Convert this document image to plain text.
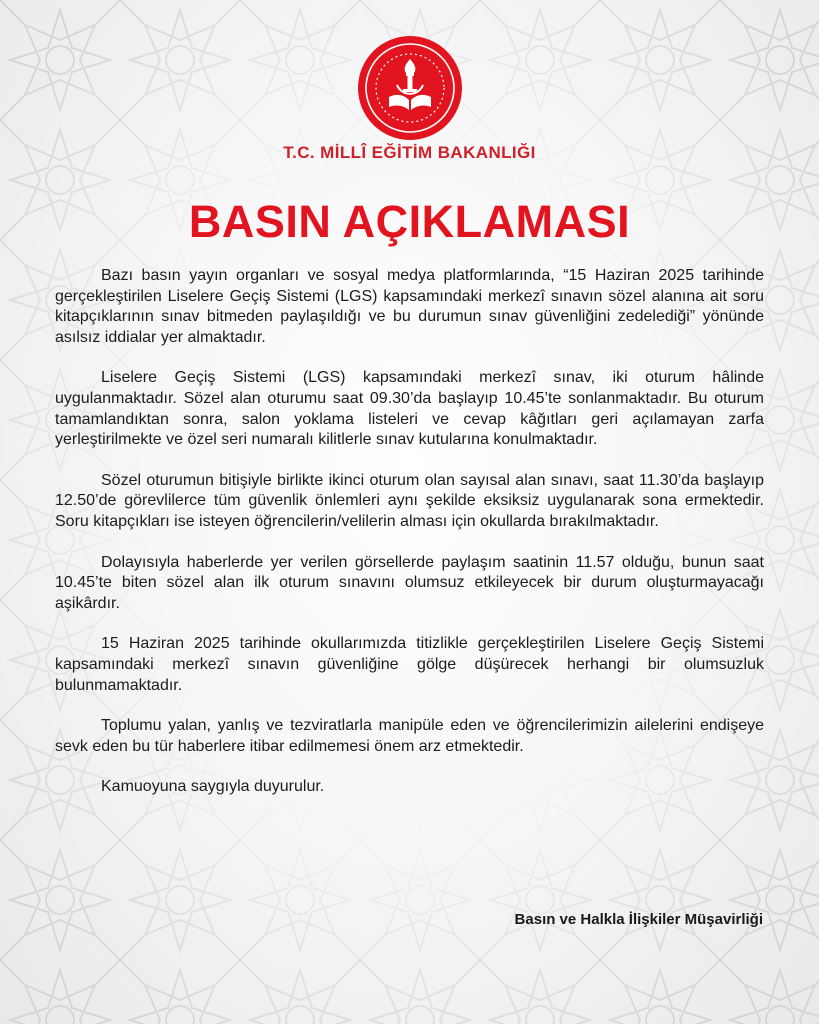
T.C. MİLLÎ EĞİTİM BAKANLIĞI
BASIN AÇIKLAMASI

Bazı basın yayın organları ve sosyal medya platformlarında, “15 Haziran 2025 tarihinde gerçekleştirilen Liselere Geçiş Sistemi (LGS) kapsamındaki merkezî sınavın sözel alanına ait soru kitapçıklarının sınav bitmeden paylaşıldığı ve bu durumun sınav güvenliğini zedelediği” yönünde asılsız iddialar yer almaktadır.

Liselere Geçiş Sistemi (LGS) kapsamındaki merkezî sınav, iki oturum hâlinde uygulanmaktadır. Sözel alan oturumu saat 09.30’da başlayıp 10.45’te sonlanmaktadır. Bu oturum tamamlandıktan sonra, salon yoklama listeleri ve cevap kâğıtları geri açılamayan zarfa yerleştirilmekte ve özel seri numaralı kilitlerle sınav kutularına konulmaktadır.

Sözel oturumun bitişiyle birlikte ikinci oturum olan sayısal alan sınavı, saat 11.30’da başlayıp 12.50’de görevlilerce tüm güvenlik önlemleri aynı şekilde eksiksiz uygulanarak sona ermektedir. Soru kitapçıkları ise isteyen öğrencilerin/velilerin alması için okullarda bırakılmaktadır.

Dolayısıyla haberlerde yer verilen görsellerde paylaşım saatinin 11.57 olduğu, bunun saat 10.45’te biten sözel alan ilk oturum sınavını olumsuz etkileyecek bir durum oluşturmayacağı aşikârdır.

15 Haziran 2025 tarihinde okullarımızda titizlikle gerçekleştirilen Liselere Geçiş Sistemi kapsamındaki merkezî sınavın güvenliğine gölge düşürecek herhangi bir olumsuzluk bulunmamaktadır.

Toplumu yalan, yanlış ve tezviratlarla manipüle eden ve öğrencilerimizin ailelerini endişeye sevk eden bu tür haberlere itibar edilmemesi önem arz etmektedir.

Kamuoyuna saygıyla duyurulur.

Basın ve Halkla İlişkiler Müşavirliği
